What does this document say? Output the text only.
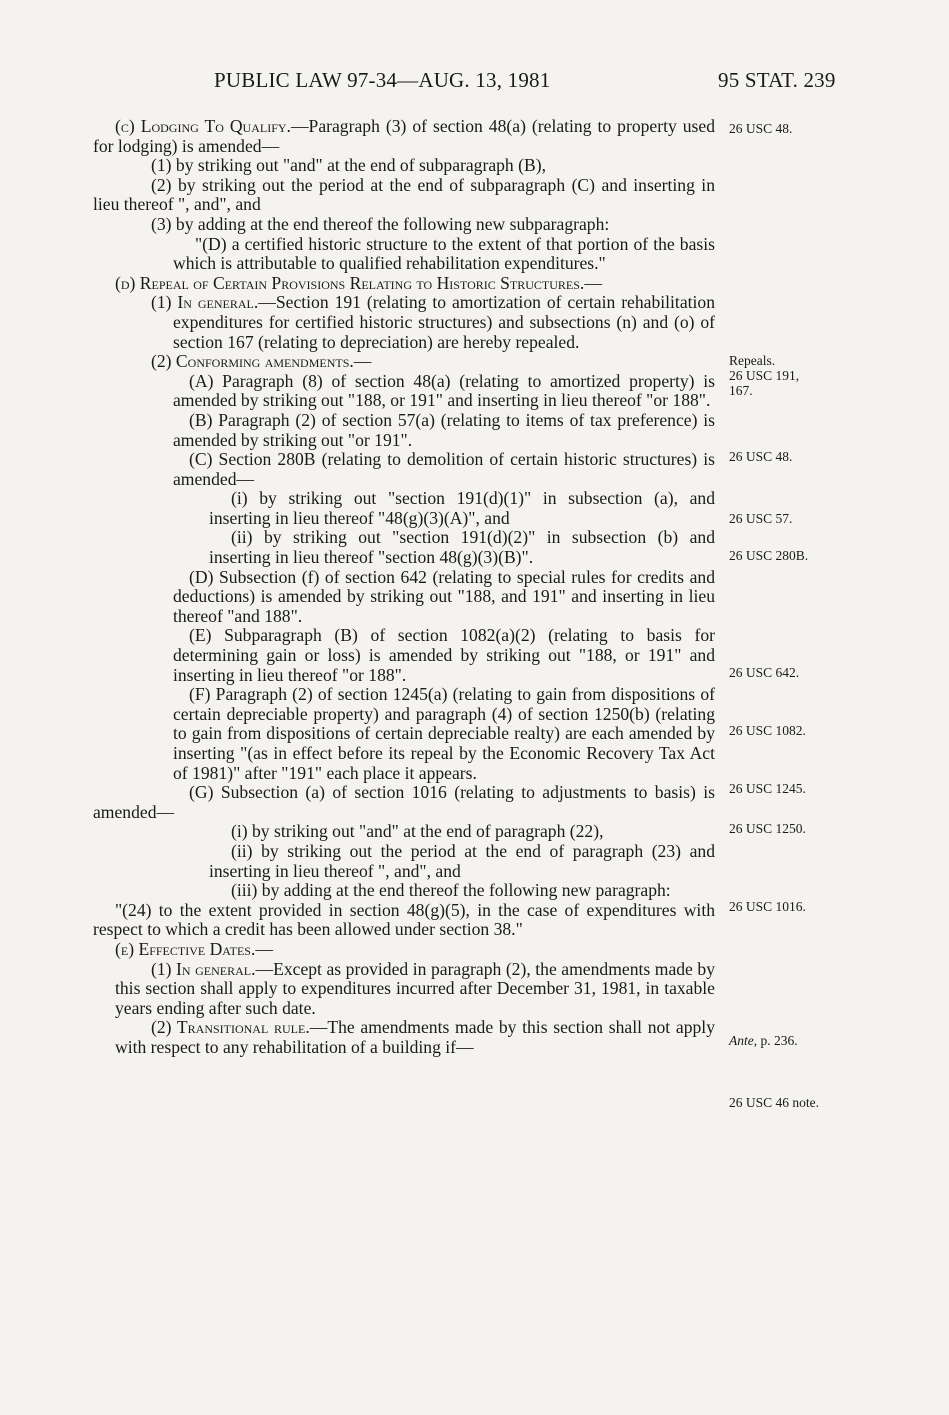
PUBLIC LAW 97-34—AUG. 13, 1981	95 STAT. 239

(c) Lodging To Qualify.—Paragraph (3) of section 48(a) (relating to property used for lodging) is amended—

(1) by striking out "and" at the end of subparagraph (B),

(2) by striking out the period at the end of subparagraph (C) and inserting in lieu thereof ", and", and

(3) by adding at the end thereof the following new subparagraph:

"(D) a certified historic structure to the extent of that portion of the basis which is attributable to qualified rehabilitation expenditures."

(d) Repeal of Certain Provisions Relating to Historic Structures.—

(1) In general.—Section 191 (relating to amortization of certain rehabilitation expenditures for certified historic structures) and subsections (n) and (o) of section 167 (relating to depreciation) are hereby repealed.

(2) Conforming amendments.—

(A) Paragraph (8) of section 48(a) (relating to amortized property) is amended by striking out "188, or 191" and inserting in lieu thereof "or 188".

(B) Paragraph (2) of section 57(a) (relating to items of tax preference) is amended by striking out "or 191".

(C) Section 280B (relating to demolition of certain historic structures) is amended—

(i) by striking out "section 191(d)(1)" in subsection (a), and inserting in lieu thereof "48(g)(3)(A)", and

(ii) by striking out "section 191(d)(2)" in subsection (b) and inserting in lieu thereof "section 48(g)(3)(B)".

(D) Subsection (f) of section 642 (relating to special rules for credits and deductions) is amended by striking out "188, and 191" and inserting in lieu thereof "and 188".

(E) Subparagraph (B) of section 1082(a)(2) (relating to basis for determining gain or loss) is amended by striking out "188, or 191" and inserting in lieu thereof "or 188".

(F) Paragraph (2) of section 1245(a) (relating to gain from dispositions of certain depreciable property) and paragraph (4) of section 1250(b) (relating to gain from dispositions of certain depreciable realty) are each amended by inserting "(as in effect before its repeal by the Economic Recovery Tax Act of 1981)" after "191" each place it appears.

(G) Subsection (a) of section 1016 (relating to adjustments to basis) is amended—

(i) by striking out "and" at the end of paragraph (22),

(ii) by striking out the period at the end of paragraph (23) and inserting in lieu thereof ", and", and

(iii) by adding at the end thereof the following new paragraph:

"(24) to the extent provided in section 48(g)(5), in the case of expenditures with respect to which a credit has been allowed under section 38."

(e) Effective Dates.—

(1) In general.—Except as provided in paragraph (2), the amendments made by this section shall apply to expenditures incurred after December 31, 1981, in taxable years ending after such date.

(2) Transitional rule.—The amendments made by this section shall not apply with respect to any rehabilitation of a building if—

26 USC 48.
Repeals.
26 USC 191,
167.
26 USC 48.
26 USC 57.
26 USC 280B.
26 USC 642.
26 USC 1082.
26 USC 1245.
26 USC 1250.
26 USC 1016.
Ante, p. 236.
26 USC 46 note.
